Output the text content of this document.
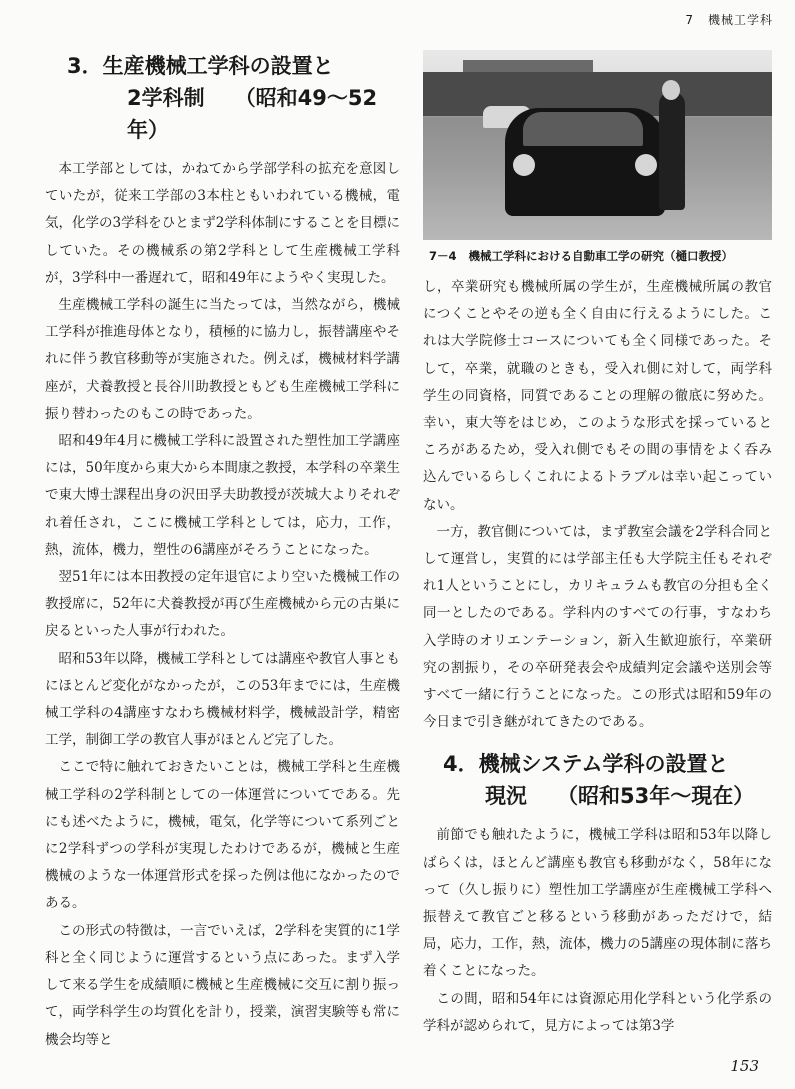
7 機械工学科
3．生産機械工学科の設置と
2学科制 （昭和49～52年）

本工学部としては，かねてから学部学科の拡充を意図していたが，従来工学部の3本柱ともいわれている機械，電気，化学の3学科をひとまず2学科体制にすることを目標にしていた。その機械系の第2学科として生産機械工学科が，3学科中一番遅れて，昭和49年にようやく実現した。

生産機械工学科の誕生に当たっては，当然ながら，機械工学科が推進母体となり，積極的に協力し，振替講座やそれに伴う教官移動等が実施された。例えば，機械材料学講座が，犬養教授と長谷川助教授ともども生産機械工学科に振り替わったのもこの時であった。

昭和49年4月に機械工学科に設置された塑性加工学講座には，50年度から東大から本間康之教授，本学科の卒業生で東大博士課程出身の沢田孚夫助教授が茨城大よりそれぞれ着任され，ここに機械工学科としては，応力，工作，熱，流体，機力，塑性の6講座がそろうことになった。

翌51年には本田教授の定年退官により空いた機械工作の教授席に，52年に犬養教授が再び生産機械から元の古巣に戻るといった人事が行われた。

昭和53年以降，機械工学科としては講座や教官人事ともにほとんど変化がなかったが，この53年までには，生産機械工学科の4講座すなわち機械材料学，機械設計学，精密工学，制御工学の教官人事がほとんど完了した。

ここで特に触れておきたいことは，機械工学科と生産機械工学科の2学科制としての一体運営についてである。先にも述べたように，機械，電気，化学等について系列ごとに2学科ずつの学科が実現したわけであるが，機械と生産機械のような一体運営形式を採った例は他になかったのである。

この形式の特徴は，一言でいえば，2学科を実質的に1学科と全く同じように運営するという点にあった。まず入学して来る学生を成績順に機械と生産機械に交互に割り振って，両学科学生の均質化を計り，授業，演習実験等も常に機会均等と

7－4 機械工学科における自動車工学の研究（樋口教授）

し，卒業研究も機械所属の学生が，生産機械所属の教官につくことやその逆も全く自由に行えるようにした。これは大学院修士コースについても全く同様であった。そして，卒業，就職のときも，受入れ側に対して，両学科学生の同資格，同質であることの理解の徹底に努めた。幸い，東大等をはじめ，このような形式を採っているところがあるため，受入れ側でもその間の事情をよく呑み込んでいるらしくこれによるトラブルは幸い起こっていない。

一方，教官側については，まず教室会議を2学科合同として運営し，実質的には学部主任も大学院主任もそれぞれ1人ということにし，カリキュラムも教官の分担も全く同一としたのである。学科内のすべての行事，すなわち入学時のオリエンテーション，新入生歓迎旅行，卒業研究の割振り，その卒研発表会や成績判定会議や送別会等すべて一緒に行うことになった。この形式は昭和59年の今日まで引き継がれてきたのである。

4．機械システム学科の設置と
現況 （昭和53年～現在）

前節でも触れたように，機械工学科は昭和53年以降しばらくは，ほとんど講座も教官も移動がなく，58年になって（久し振りに）塑性加工学講座が生産機械工学科へ振替えて教官ごと移るという移動があっただけで，結局，応力，工作，熱，流体，機力の5講座の現体制に落ち着くことになった。

この間，昭和54年には資源応用化学科という化学系の学科が認められて，見方によっては第3学

153
